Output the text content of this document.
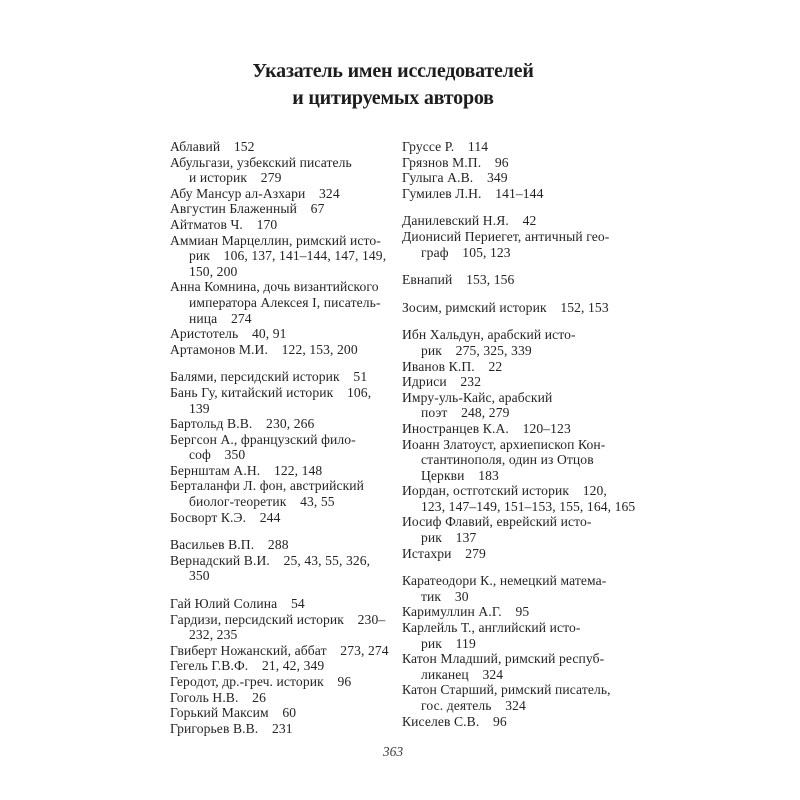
Указатель имен исследователей
и цитируемых авторов
Аблавий 152
Абульгази, узбекский писатель
и историк 279
Абу Мансур ал-Азхари 324
Августин Блаженный 67
Айтматов Ч. 170
Аммиан Марцеллин, римский исто-
рик 106, 137, 141–144, 147, 149,
150, 200
Анна Комнина, дочь византийского
императора Алексея I, писатель-
ница 274
Аристотель 40, 91
Артамонов М.И. 122, 153, 200
Балями, персидский историк 51
Бань Гу, китайский историк 106,
139
Бартольд В.В. 230, 266
Бергсон А., французский фило-
соф 350
Бернштам А.Н. 122, 148
Берталанфи Л. фон, австрийский
биолог-теоретик 43, 55
Босворт К.Э. 244
Васильев В.П. 288
Вернадский В.И. 25, 43, 55, 326,
350
Гай Юлий Солина 54
Гардизи, персидский историк 230–
232, 235
Гвиберт Ножанский, аббат 273, 274
Гегель Г.В.Ф. 21, 42, 349
Геродот, др.-греч. историк 96
Гоголь Н.В. 26
Горький Максим 60
Григорьев В.В. 231
Груссе Р. 114
Грязнов М.П. 96
Гулыга А.В. 349
Гумилев Л.Н. 141–144
Данилевский Н.Я. 42
Дионисий Периегет, античный гео-
граф 105, 123
Евнапий 153, 156
Зосим, римский историк 152, 153
Ибн Хальдун, арабский исто-
рик 275, 325, 339
Иванов К.П. 22
Идриси 232
Имру-уль-Кайс, арабский
поэт 248, 279
Иностранцев К.А. 120–123
Иоанн Златоуст, архиепископ Кон-
стантинополя, один из Отцов
Церкви 183
Иордан, остготский историк 120,
123, 147–149, 151–153, 155, 164, 165
Иосиф Флавий, еврейский исто-
рик 137
Истахри 279
Каратеодори К., немецкий матема-
тик 30
Каримуллин А.Г. 95
Карлейль Т., английский исто-
рик 119
Катон Младший, римский респуб-
ликанец 324
Катон Старший, римский писатель,
гос. деятель 324
Киселев С.В. 96
363
